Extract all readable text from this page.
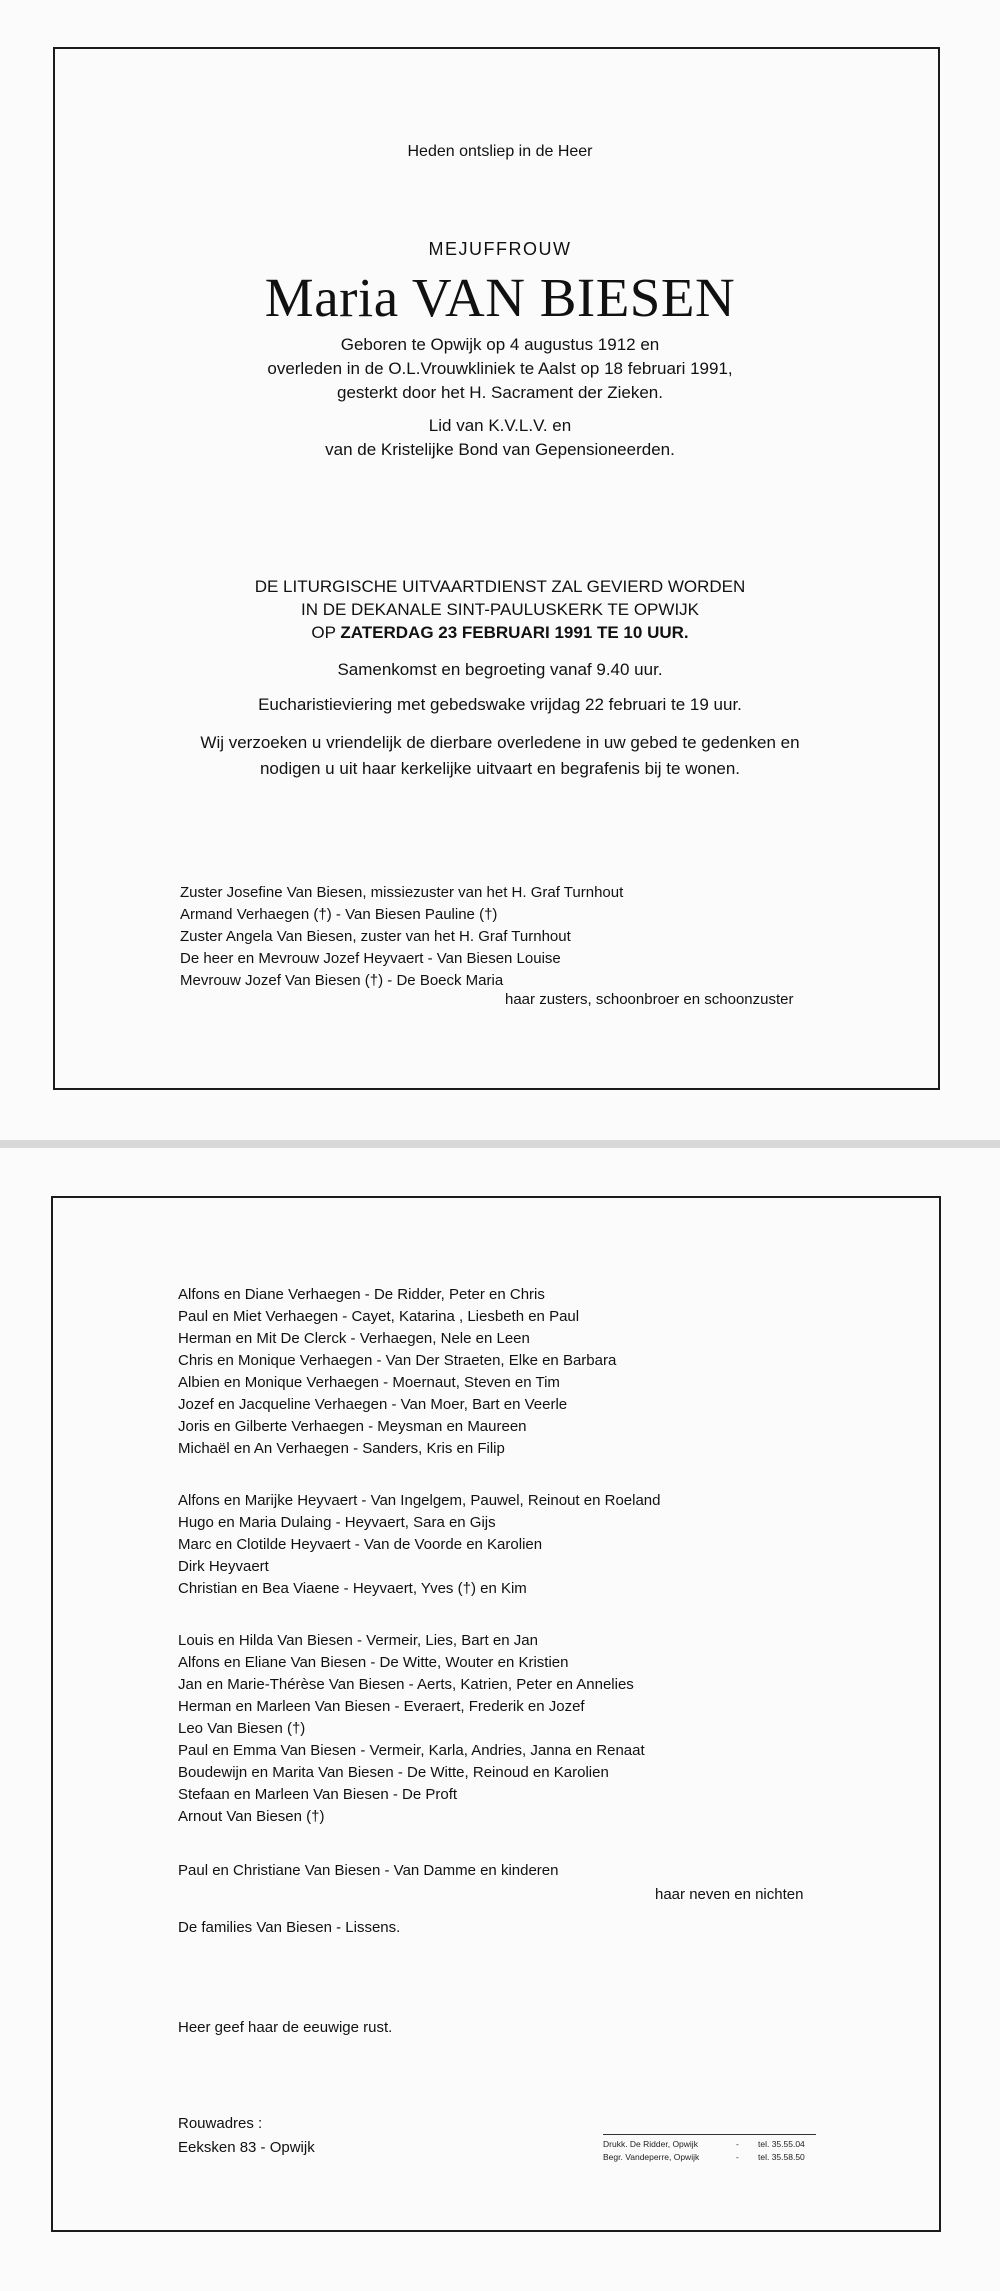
Heden ontsliep in de Heer
MEJUFFROUW
Maria VAN BIESEN
Geboren te Opwijk op 4 augustus 1912 en
overleden in de O.L.Vrouwkliniek te Aalst op 18 februari 1991,
gesterkt door het H. Sacrament der Zieken.
Lid van K.V.L.V. en
van de Kristelijke Bond van Gepensioneerden.
DE LITURGISCHE UITVAARTDIENST ZAL GEVIERD WORDEN
IN DE DEKANALE SINT-PAULUSKERK TE OPWIJK
OP ZATERDAG 23 FEBRUARI 1991 TE 10 UUR.
Samenkomst en begroeting vanaf 9.40 uur.
Eucharistieviering met gebedswake vrijdag 22 februari te 19 uur.
Wij verzoeken u vriendelijk de dierbare overledene in uw gebed te gedenken en
nodigen u uit haar kerkelijke uitvaart en begrafenis bij te wonen.
Zuster Josefine Van Biesen, missiezuster van het H. Graf Turnhout
Armand Verhaegen (†) - Van Biesen Pauline (†)
Zuster Angela Van Biesen, zuster van het H. Graf Turnhout
De heer en Mevrouw Jozef Heyvaert - Van Biesen Louise
Mevrouw Jozef Van Biesen (†) - De Boeck Maria
haar zusters, schoonbroer en schoonzuster
Alfons en Diane Verhaegen - De Ridder, Peter en Chris
Paul en Miet Verhaegen - Cayet, Katarina , Liesbeth en Paul
Herman en Mit De Clerck - Verhaegen, Nele en Leen
Chris en Monique Verhaegen - Van Der Straeten, Elke en Barbara
Albien en Monique Verhaegen - Moernaut, Steven en Tim
Jozef en Jacqueline Verhaegen - Van Moer, Bart en Veerle
Joris en Gilberte Verhaegen - Meysman en Maureen
Michaël en An Verhaegen - Sanders, Kris en Filip
Alfons en Marijke Heyvaert - Van Ingelgem, Pauwel, Reinout en Roeland
Hugo en Maria Dulaing - Heyvaert, Sara en Gijs
Marc en Clotilde Heyvaert - Van de Voorde en Karolien
Dirk Heyvaert
Christian en Bea Viaene - Heyvaert, Yves (†) en Kim
Louis en Hilda Van Biesen - Vermeir, Lies, Bart en Jan
Alfons en Eliane Van Biesen - De Witte, Wouter en Kristien
Jan en Marie-Thérèse Van Biesen - Aerts, Katrien, Peter en Annelies
Herman en Marleen Van Biesen - Everaert, Frederik en Jozef
Leo Van Biesen (†)
Paul en Emma Van Biesen - Vermeir, Karla, Andries, Janna en Renaat
Boudewijn en Marita Van Biesen - De Witte, Reinoud en Karolien
Stefaan en Marleen Van Biesen - De Proft
Arnout Van Biesen (†)
Paul en Christiane Van Biesen - Van Damme en kinderen
haar neven en nichten
De families Van Biesen - Lissens.
Heer geef haar de eeuwige rust.
Rouwadres :
Eeksken 83 - Opwijk	Drukk. De Ridder, Opwijk	-	tel. 35.55.04
Begr. Vandeperre, Opwijk	-	tel. 35.58.50
